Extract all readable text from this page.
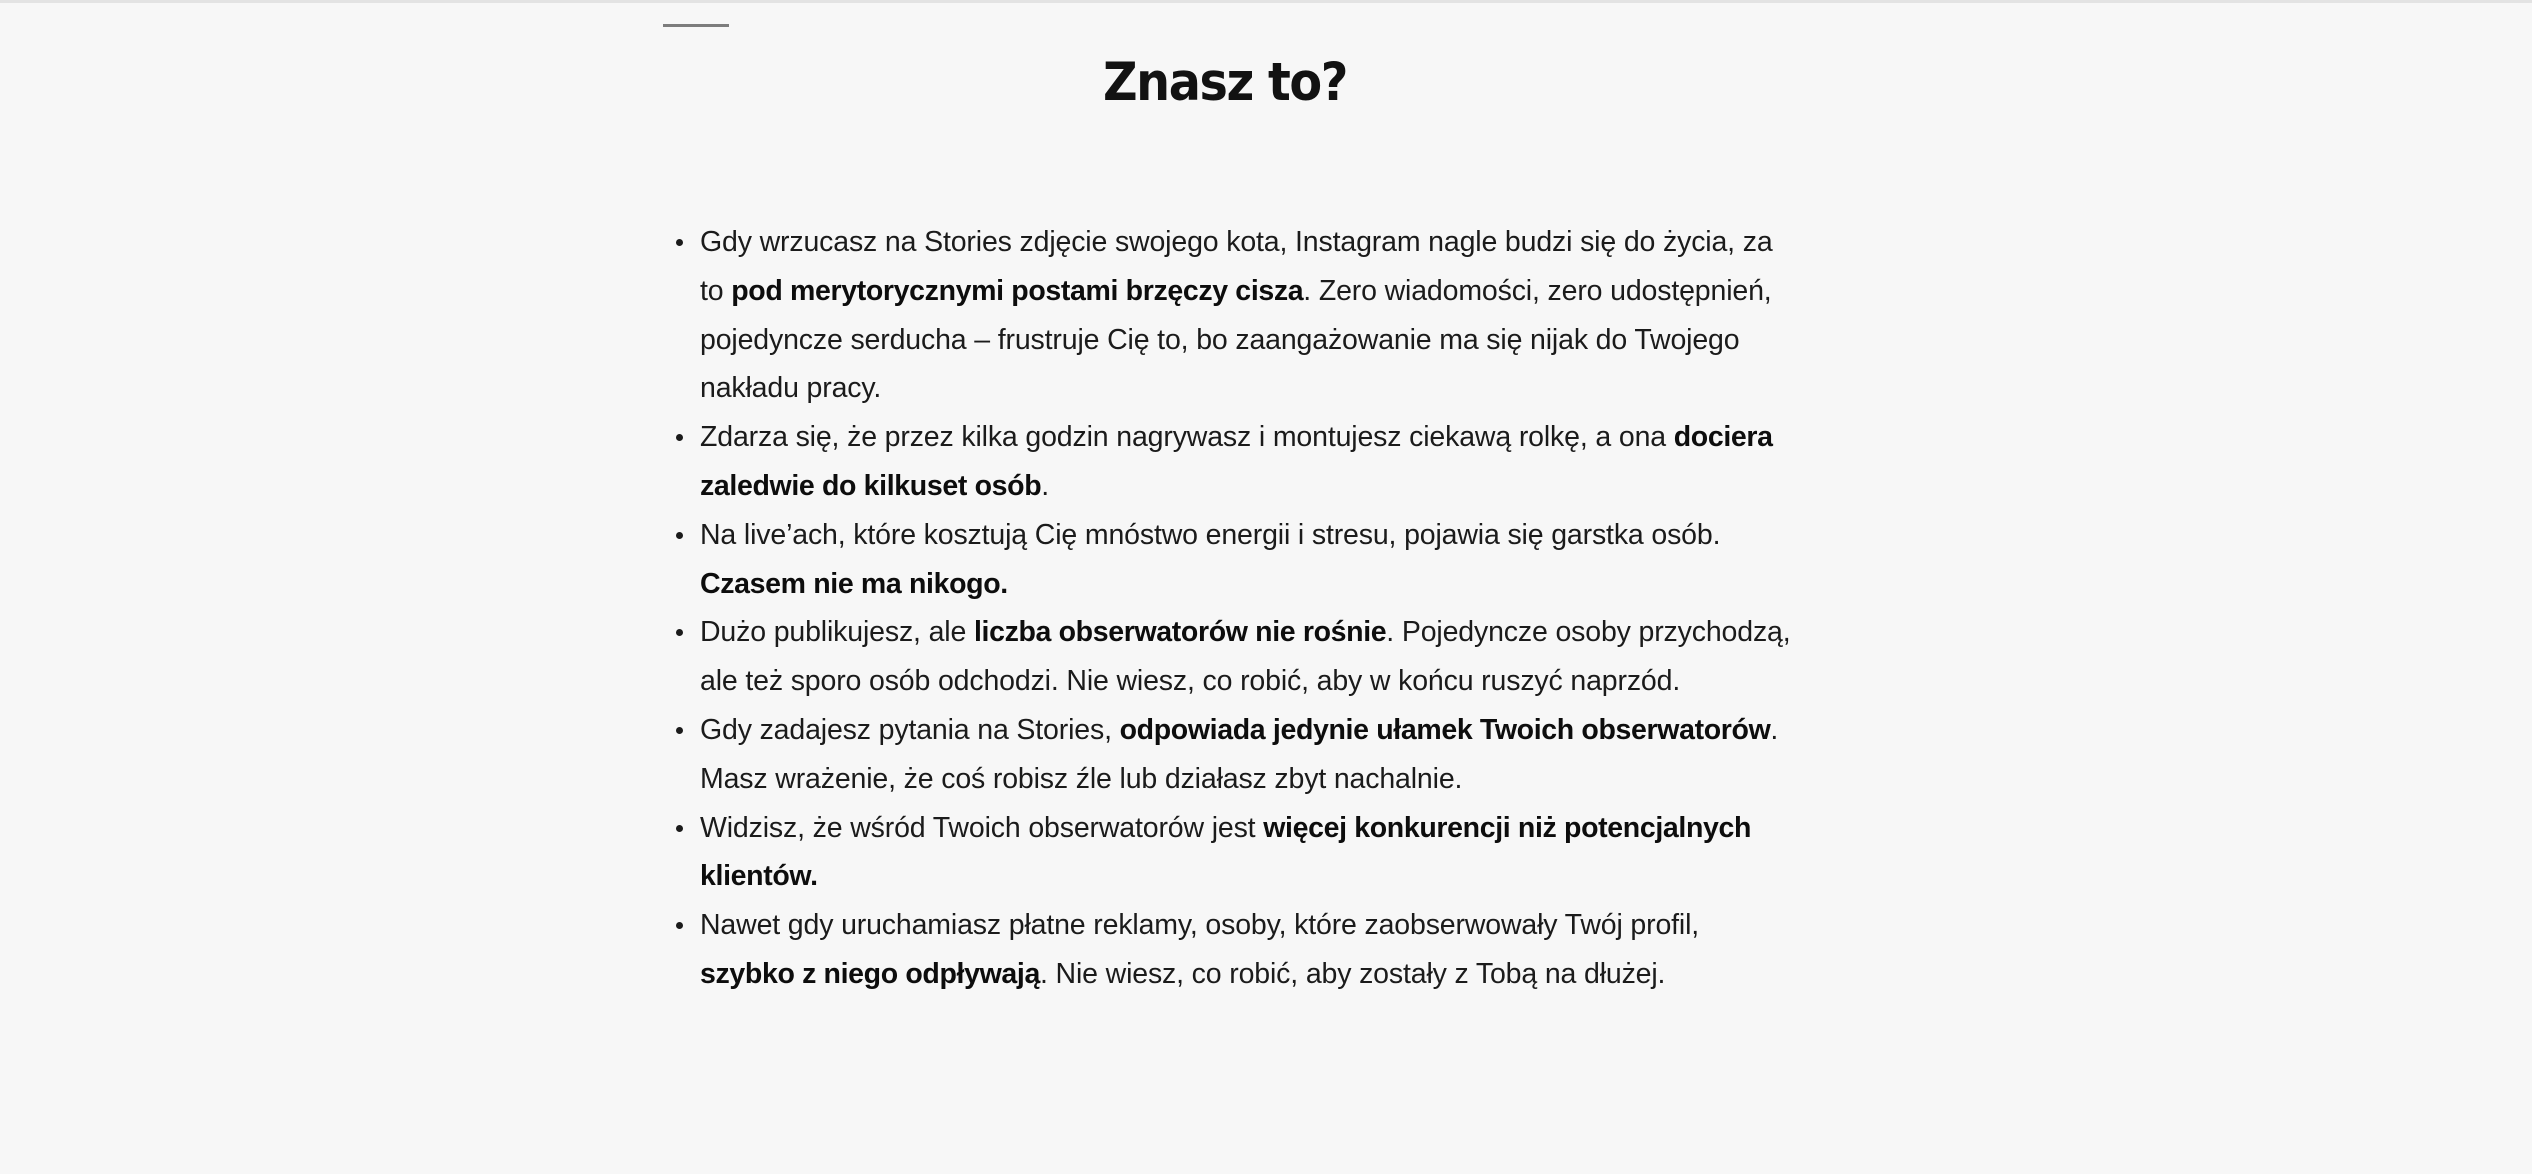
Znasz to?
Gdy wrzucasz na Stories zdjęcie swojego kota, Instagram nagle budzi się do życia, za to pod merytorycznymi postami brzęczy cisza. Zero wiadomości, zero udostępnień, pojedyncze serducha – frustruje Cię to, bo zaangażowanie ma się nijak do Twojego nakładu pracy.
Zdarza się, że przez kilka godzin nagrywasz i montujesz ciekawą rolkę, a ona dociera zaledwie do kilkuset osób.
Na live’ach, które kosztują Cię mnóstwo energii i stresu, pojawia się garstka osób. Czasem nie ma nikogo.
Dużo publikujesz, ale liczba obserwatorów nie rośnie. Pojedyncze osoby przychodzą, ale też sporo osób odchodzi. Nie wiesz, co robić, aby w końcu ruszyć naprzód.
Gdy zadajesz pytania na Stories, odpowiada jedynie ułamek Twoich obserwatorów. Masz wrażenie, że coś robisz źle lub działasz zbyt nachalnie.
Widzisz, że wśród Twoich obserwatorów jest więcej konkurencji niż potencjalnych klientów.
Nawet gdy uruchamiasz płatne reklamy, osoby, które zaobserwowały Twój profil, szybko z niego odpływają. Nie wiesz, co robić, aby zostały z Tobą na dłużej.
